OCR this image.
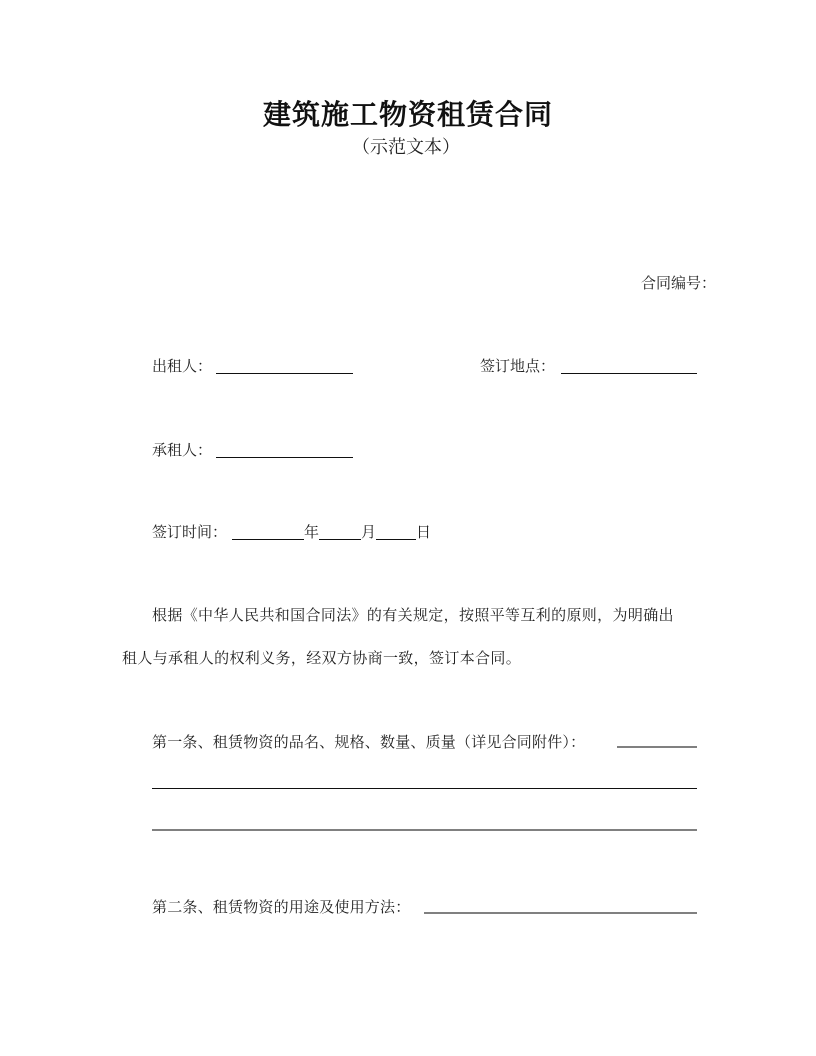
建筑施工物资租赁合同
（示范文本）
合同编号：
出租人：	签订地点：
承租人：
签订时间：	年	月	日
根据《中华人民共和国合同法》的有关规定，按照平等互利的原则，为明确出
租人与承租人的权利义务，经双方协商一致，签订本合同。
第一条、租赁物资的品名、规格、数量、质量（详见合同附件）：
第二条、租赁物资的用途及使用方法：
